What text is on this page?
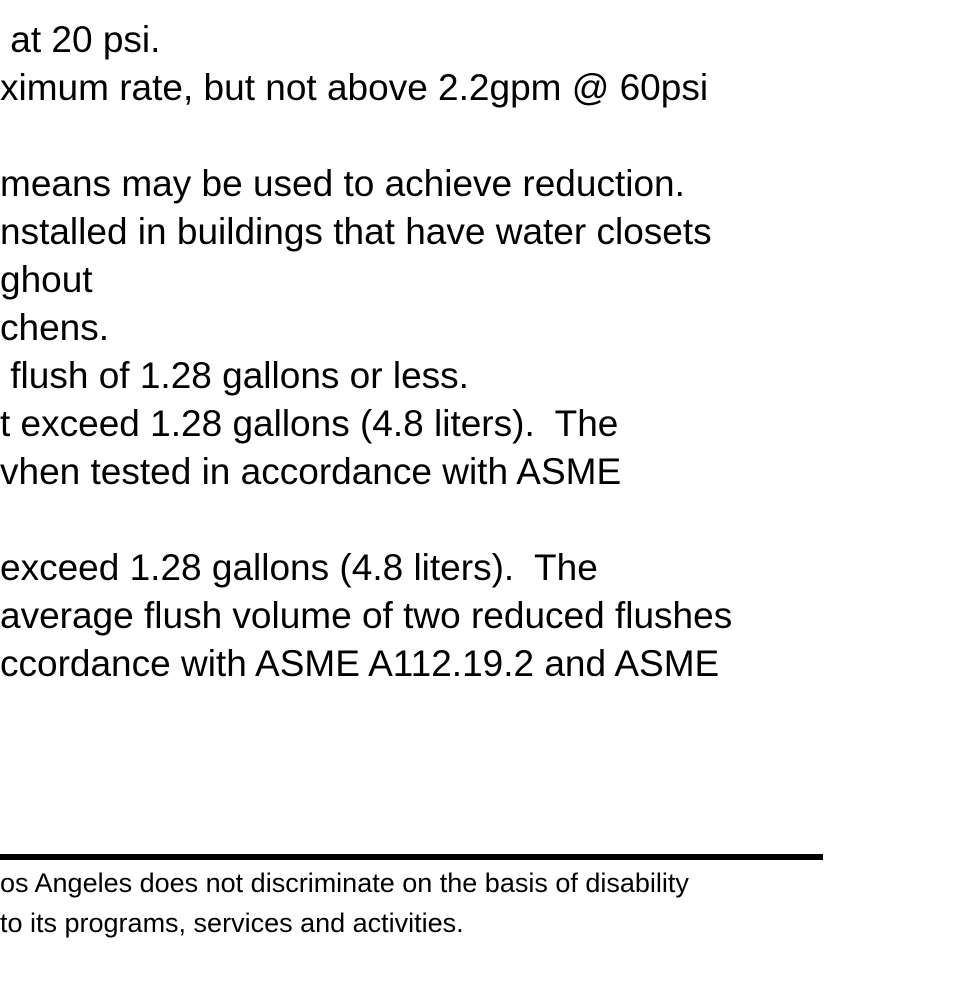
at 20 psi.
ximum rate, but not above 2.2gpm @ 60psi
means may be used to achieve reduction.
nstalled in buildings that have water closets
ghout
chens.
flush of 1.28 gallons or less.
t exceed 1.28 gallons (4.8 liters).  The
vhen tested in accordance with ASME
exceed 1.28 gallons (4.8 liters).  The
average flush volume of two reduced flushes
ccordance with ASME A112.19.2 and ASME
os Angeles does not discriminate on the basis of disability
to its programs, services and activities.
